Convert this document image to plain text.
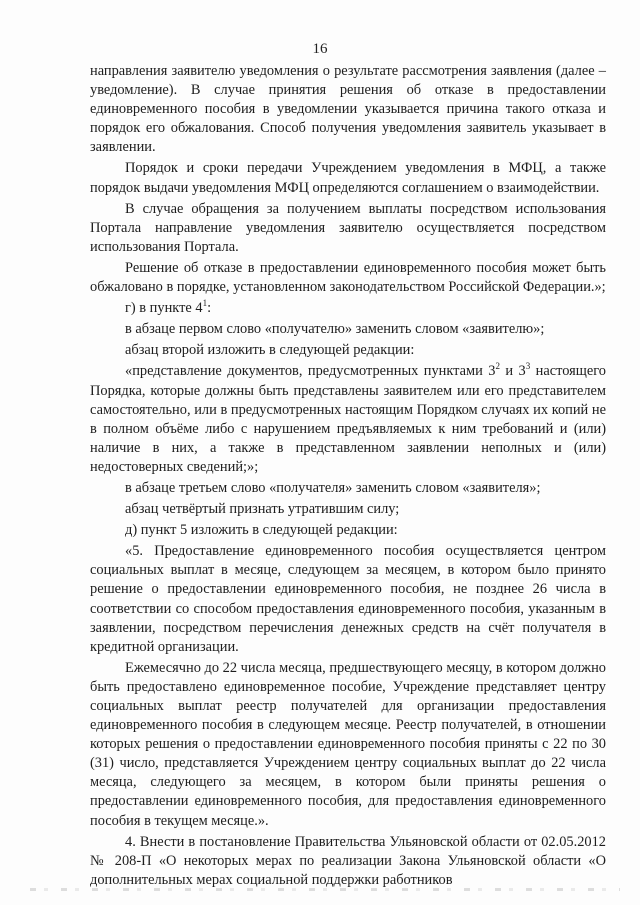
16

направления заявителю уведомления о результате рассмотрения заявления (далее – уведомление). В случае принятия решения об отказе в предоставлении единовременного пособия в уведомлении указывается причина такого отказа и порядок его обжалования. Способ получения уведомления заявитель указывает в заявлении.

Порядок и сроки передачи Учреждением уведомления в МФЦ, а также порядок выдачи уведомления МФЦ определяются соглашением о взаимодействии.

В случае обращения за получением выплаты посредством использования Портала направление уведомления заявителю осуществляется посредством использования Портала.

Решение об отказе в предоставлении единовременного пособия может быть обжаловано в порядке, установленном законодательством Российской Федерации.»;

г) в пункте $4^1$:

в абзаце первом слово «получателю» заменить словом «заявителю»;

абзац второй изложить в следующей редакции:

«представление документов, предусмотренных пунктами $3^2$ и $3^3$ настоящего Порядка, которые должны быть представлены заявителем или его представителем самостоятельно, или в предусмотренных настоящим Порядком случаях их копий не в полном объёме либо с нарушением предъявляемых к ним требований и (или) наличие в них, а также в представленном заявлении неполных и (или) недостоверных сведений;»;

в абзаце третьем слово «получателя» заменить словом «заявителя»;

абзац четвёртый признать утратившим силу;

д) пункт 5 изложить в следующей редакции:

«5. Предоставление единовременного пособия осуществляется центром социальных выплат в месяце, следующем за месяцем, в котором было принято решение о предоставлении единовременного пособия, не позднее 26 числа в соответствии со способом предоставления единовременного пособия, указанным в заявлении, посредством перечисления денежных средств на счёт получателя в кредитной организации.

Ежемесячно до 22 числа месяца, предшествующего месяцу, в котором должно быть предоставлено единовременное пособие, Учреждение представляет центру социальных выплат реестр получателей для организации предоставления единовременного пособия в следующем месяце. Реестр получателей, в отношении которых решения о предоставлении единовременного пособия приняты с 22 по 30 (31) число, представляется Учреждением центру социальных выплат до 22 числа месяца, следующего за месяцем, в котором были приняты решения о предоставлении единовременного пособия, для предоставления единовременного пособия в текущем месяце.».

4. Внести в постановление Правительства Ульяновской области от 02.05.2012 № 208-П «О некоторых мерах по реализации Закона Ульяновской области «О дополнительных мерах социальной поддержки работников
